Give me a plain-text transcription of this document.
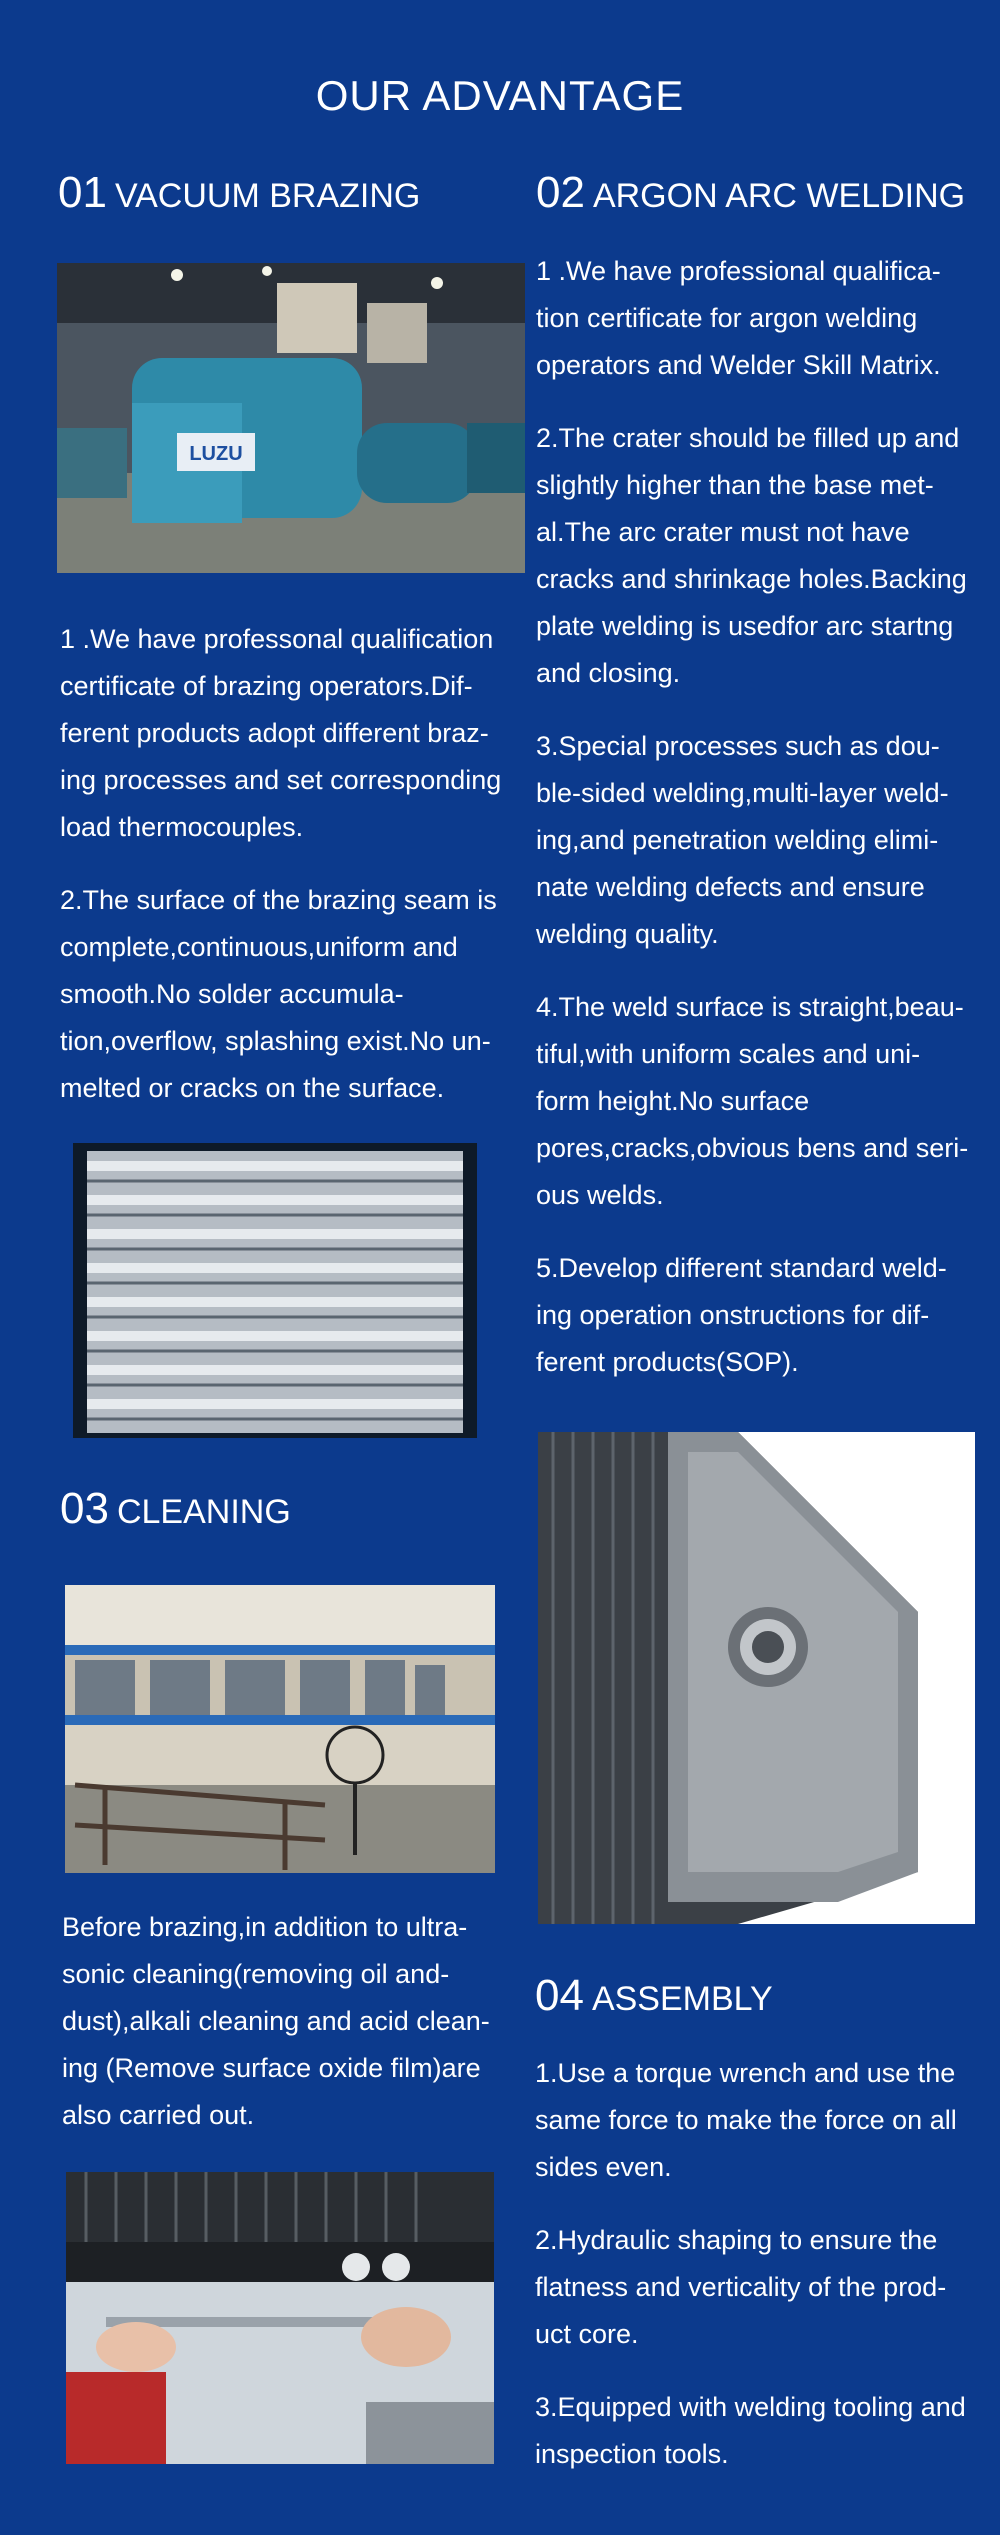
OUR ADVANTAGE
01 VACUUM BRAZING
LUZU

1 .We have professonal qualification certificate of brazing operators.Dif- ferent products adopt different braz- ing processes and set corresponding load thermocouples.

2.The surface of the brazing seam is complete,continuous,uniform and smooth.No solder accumula- tion,overflow, splashing exist.No un- melted or cracks on the surface.

03 CLEANING

Before brazing,in addition to ultra- sonic cleaning(removing oil and- dust),alkali cleaning and acid clean- ing (Remove surface oxide film)are also carried out.

02 ARGON ARC WELDING

1 .We have professional qualifica- tion certificate for argon welding operators and Welder Skill Matrix.

2.The crater should be filled up and slightly higher than the base met- al.The arc crater must not have cracks and shrinkage holes.Backing plate welding is usedfor arc startng and closing.

3.Special processes such as dou- ble-sided welding,multi-layer weld- ing,and penetration welding elimi- nate welding defects and ensure welding quality.

4.The weld surface is straight,beau- tiful,with uniform scales and uni- form height.No surface pores,cracks,obvious bens and seri- ous welds.

5.Develop different standard weld- ing operation onstructions for dif- ferent products(SOP).

04 ASSEMBLY

1.Use a torque wrench and use the same force to make the force on all sides even.

2.Hydraulic shaping to ensure the flatness and verticality of the prod- uct core.

3.Equipped with welding tooling and inspection tools.
